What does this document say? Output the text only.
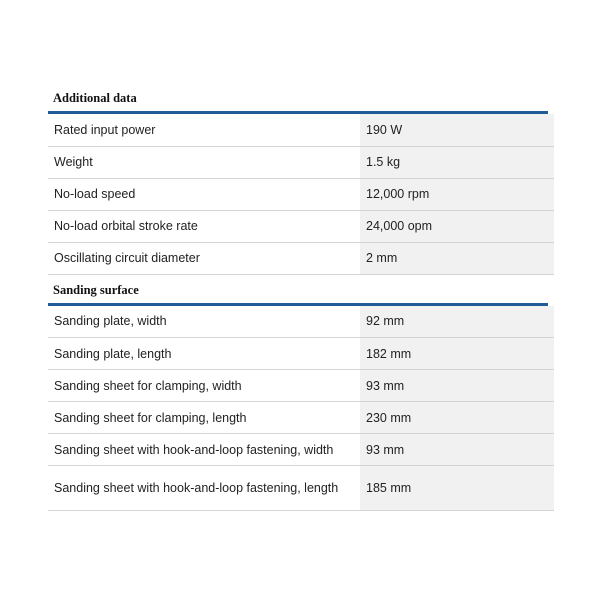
Additional data
Rated input power	190 W
Weight	1.5 kg
No-load speed	12,000 rpm
No-load orbital stroke rate	24,000 opm
Oscillating circuit diameter	2 mm
Sanding surface
Sanding plate, width	92 mm
Sanding plate, length	182 mm
Sanding sheet for clamping, width	93 mm
Sanding sheet for clamping, length	230 mm
Sanding sheet with hook-and-loop fastening, width	93 mm
Sanding sheet with hook-and-loop fastening, length	185 mm
